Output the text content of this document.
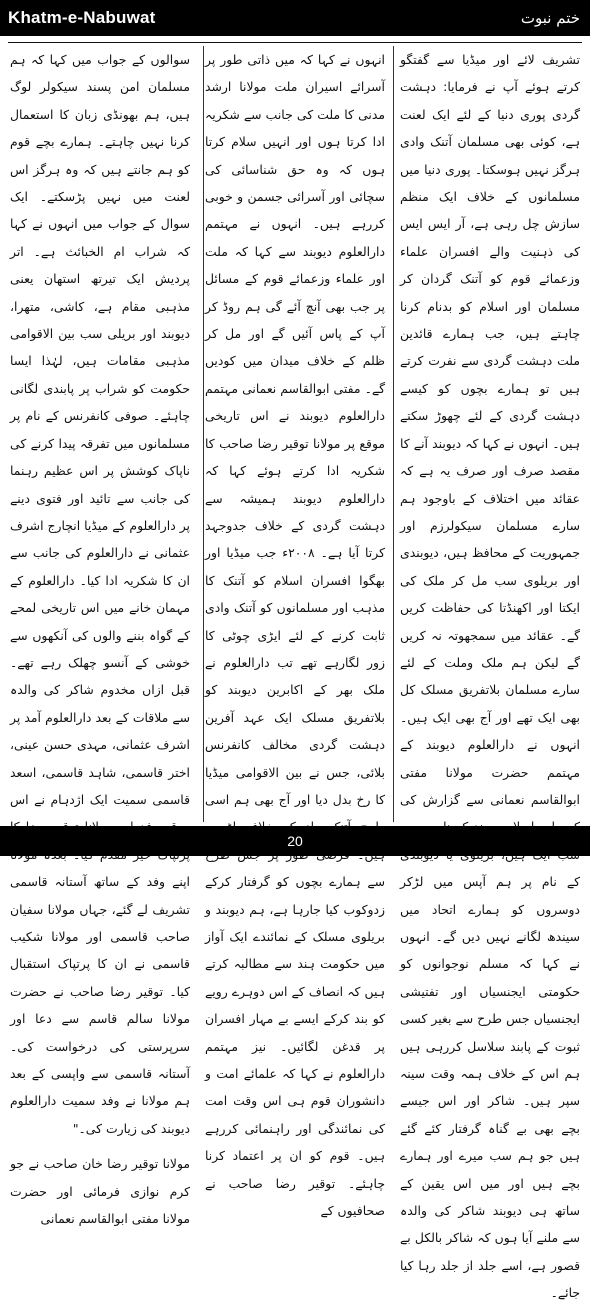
Khatm-e-Nabuwat	ختم نبوت

تشریف لائے اور میڈیا سے گفتگو کرتے ہوئے آپ نے فرمایا: دہشت گردی پوری دنیا کے لئے ایک لعنت ہے، کوئی بھی مسلمان آتنک وادی ہرگز نہیں ہوسکتا۔ پوری دنیا میں مسلمانوں کے خلاف ایک منظم سازش چل رہی ہے، آر ایس ایس کی ذہنیت والے افسران علماء وزعمائے قوم کو آتنک گردان کر مسلمان اور اسلام کو بدنام کرنا چاہتے ہیں، جب ہمارے قائدین ملت دہشت گردی سے نفرت کرتے ہیں تو ہمارے بچوں کو کیسے دہشت گردی کے لئے چھوڑ سکتے ہیں۔ انہوں نے کہا کہ دیوبند آنے کا مقصد صرف اور صرف یہ ہے کہ عقائد میں اختلاف کے باوجود ہم سارے مسلمان سیکولرزم اور جمہوریت کے محافظ ہیں، دیوبندی اور بریلوی سب مل کر ملک کی ایکتا اور اکھنڈتا کی حفاظت کریں گے۔ عقائد میں سمجھوتہ نہ کریں گے لیکن ہم ملک وملت کے لئے سارے مسلمان بلاتفریق مسلک کل بھی ایک تھے اور آج بھی ایک ہیں۔ انہوں نے دارالعلوم دیوبند کے مہتمم حضرت مولانا مفتی ابوالقاسم نعمانی سے گزارش کی کے نام پر ہم آپس میں لڑکر دوسروں کو ہمارے اتحاد میں سیندھ لگانے نہیں دیں گے۔ انہوں نے کہا کہ مسلم نوجوانوں کو حکومتی ایجنسیاں اور تفتیشی ایجنسیاں جس طرح سے بغیر کسی ثبوت کے پابند سلاسل کررہی ہیں ہم اس کے خلاف ہمہ وقت سینہ سپر ہیں۔ شاکر اور اس جیسے بچے بھی بے گناہ گرفتار کئے گئے ہیں جو ہم سب میرے اور ہمارے بچے ہیں اور میں اس یقین کے ساتھ ہی دیوبند شاکر کی والدہ سے ملنے آیا ہوں کہ شاکر بالکل بے قصور ہے، اسے جلد از جلد رہا کیا جائے۔

انہوں نے کہا کہ میں ذاتی طور پر آسرائے اسیران ملت مولانا ارشد مدنی کا ملت کی جانب سے شکریہ ادا کرتا ہوں اور انہیں سلام کرتا ہوں کہ وہ حق شناسائی کی سچائی اور آسرائی جسمن و خوبی کررہے ہیں۔ انہوں نے مہتمم دارالعلوم دیوبند سے کہا کہ ملت اور علماء وزعمائے قوم کے مسائل پر جب بھی آنچ آئے گی ہم روڈ کر آپ کے پاس آئیں گے اور مل کر ظلم کے خلاف میدان میں کودیں گے۔ مفتی ابوالقاسم نعمانی مہتمم دارالعلوم دیوبند نے اس تاریخی موقع پر مولانا توقیر رضا صاحب کا شکریہ ادا کرتے ہوئے کہا کہ دارالعلوم دیوبند ہمیشہ سے دہشت گردی کے خلاف جدوجہد کرتا آیا ہے۔ ۲۰۰۸ء جب میڈیا اور بھگوا افسران اسلام کو آتنک کا مذہب اور مسلمانوں کو آتنک وادی ثابت کرنے کے لئے ایڑی چوٹی کا زور لگارہے تھے تب دارالعلوم نے ملک بھر کے اکابرین دیوبند کو بلاتفریق مسلک ایک عہد آفرین دہشت گردی مخالف کانفرنس بلائی، جس نے بین الاقوامی میڈیا کا رخ بدل دیا اور آج بھی ہم اسی سے ہمارے بچوں کو گرفتار کرکے زدوکوب کیا جارہا ہے، ہم دیوبند و بریلوی مسلک کے نمائندے ایک آواز میں حکومت ہند سے مطالبہ کرتے ہیں کہ انصاف کے اس دوہرے رویے کو بند کرکے ایسے بے مہار افسران پر قدغن لگائیں۔ نیز مہتمم دارالعلوم نے کہا کہ علمائے امت و دانشوران قوم ہی اس وقت امت کی نمائندگی اور راہنمائی کررہے ہیں۔ قوم کو ان پر اعتماد کرنا چاہئے۔ توقیر رضا صاحب نے صحافیوں کے

سوالوں کے جواب میں کہا کہ ہم مسلمان امن پسند سیکولر لوگ ہیں، ہم بھونڈی زبان کا استعمال کرنا نہیں چاہتے۔ ہمارے بچے قوم کو ہم جانتے ہیں کہ وہ ہرگز اس لعنت میں نہیں پڑسکتے۔ ایک سوال کے جواب میں انہوں نے کہا کہ شراب ام الخبائث ہے۔ اتر پردیش ایک تیرتھ استھان یعنی مذہبی مقام ہے، کاشی، متھرا، دیوبند اور بریلی سب بین الاقوامی مذہبی مقامات ہیں، لہٰذا ایسا حکومت کو شراب پر پابندی لگانی چاہئے۔ صوفی کانفرنس کے نام پر مسلمانوں میں تفرقہ پیدا کرنے کی ناپاک کوشش پر اس عظیم رہنما کی جانب سے تائید اور فتوی دینے پر دارالعلوم کے میڈیا انچارج اشرف عثمانی نے دارالعلوم کی جانب سے ان کا شکریہ ادا کیا۔ دارالعلوم کے مہمان خانے میں اس تاریخی لمحے کے گواہ بننے والوں کی آنکھوں سے خوشی کے آنسو چھلک رہے تھے۔ قبل ازاں مخدوم شاکر کی والدہ سے ملاقات کے بعد دارالعلوم آمد پر اشرف عثمانی، مہدی حسن عینی، اختر قاسمی، شاہد قاسمی، اسعد قاسمی سمیت ایک اژدہام نے اس اپنے وفد کے ساتھ آستانہ قاسمی تشریف لے گئے، جہاں مولانا سفیان صاحب قاسمی اور مولانا شکیب قاسمی نے ان کا پرتپاک استقبال کیا۔ توقیر رضا صاحب نے حضرت مولانا سالم قاسم سے دعا اور سرپرستی کی درخواست کی۔ آستانہ قاسمی سے واپسی کے بعد ہم مولانا نے وفد سمیت دارالعلوم دیوبند کی زیارت کی۔"

مولانا توقیر رضا خان صاحب نے جو کرم نوازی فرمائی اور حضرت مولانا مفتی ابوالقاسم نعمانی

20
